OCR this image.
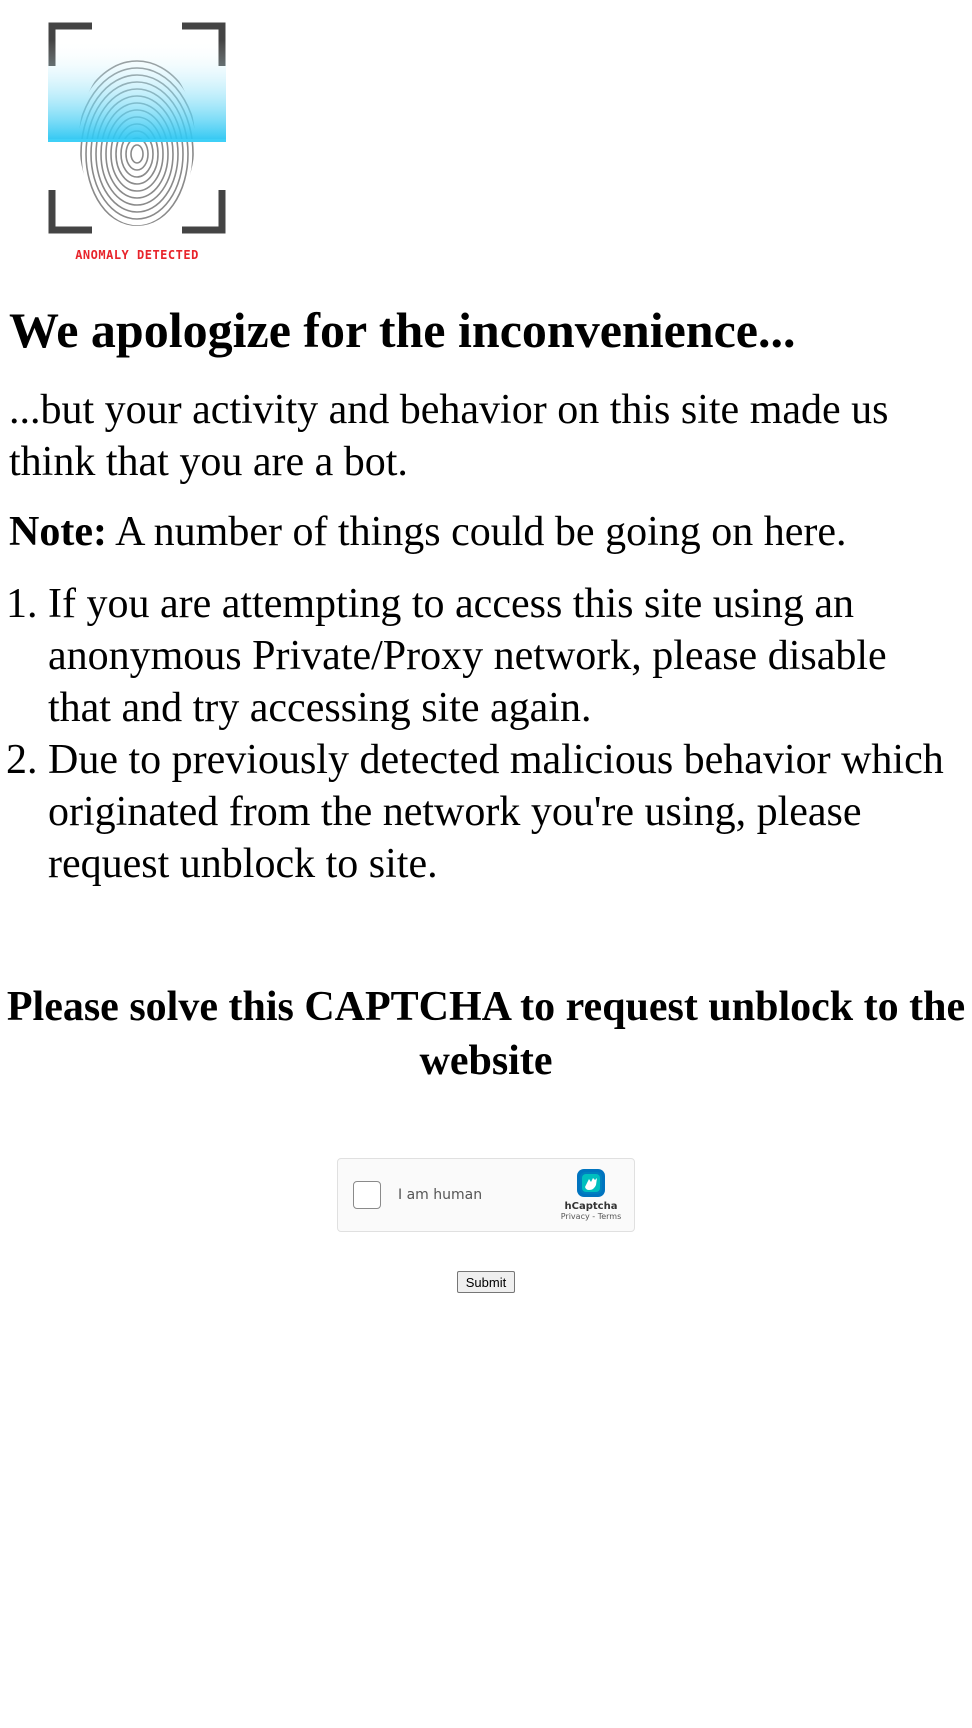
ANOMALY DETECTED
We apologize for the inconvenience...

...but your activity and behavior on this site made us think that you are a bot.

Note: A number of things could be going on here.

1. If you are attempting to access this site using an anonymous Private/Proxy network, please disable that and try accessing site again.
2. Due to previously detected malicious behavior which originated from the network you're using, please request unblock to site.
Please solve this CAPTCHA to request unblock to the website
I am human
hCaptcha
Privacy - Terms
Submit
